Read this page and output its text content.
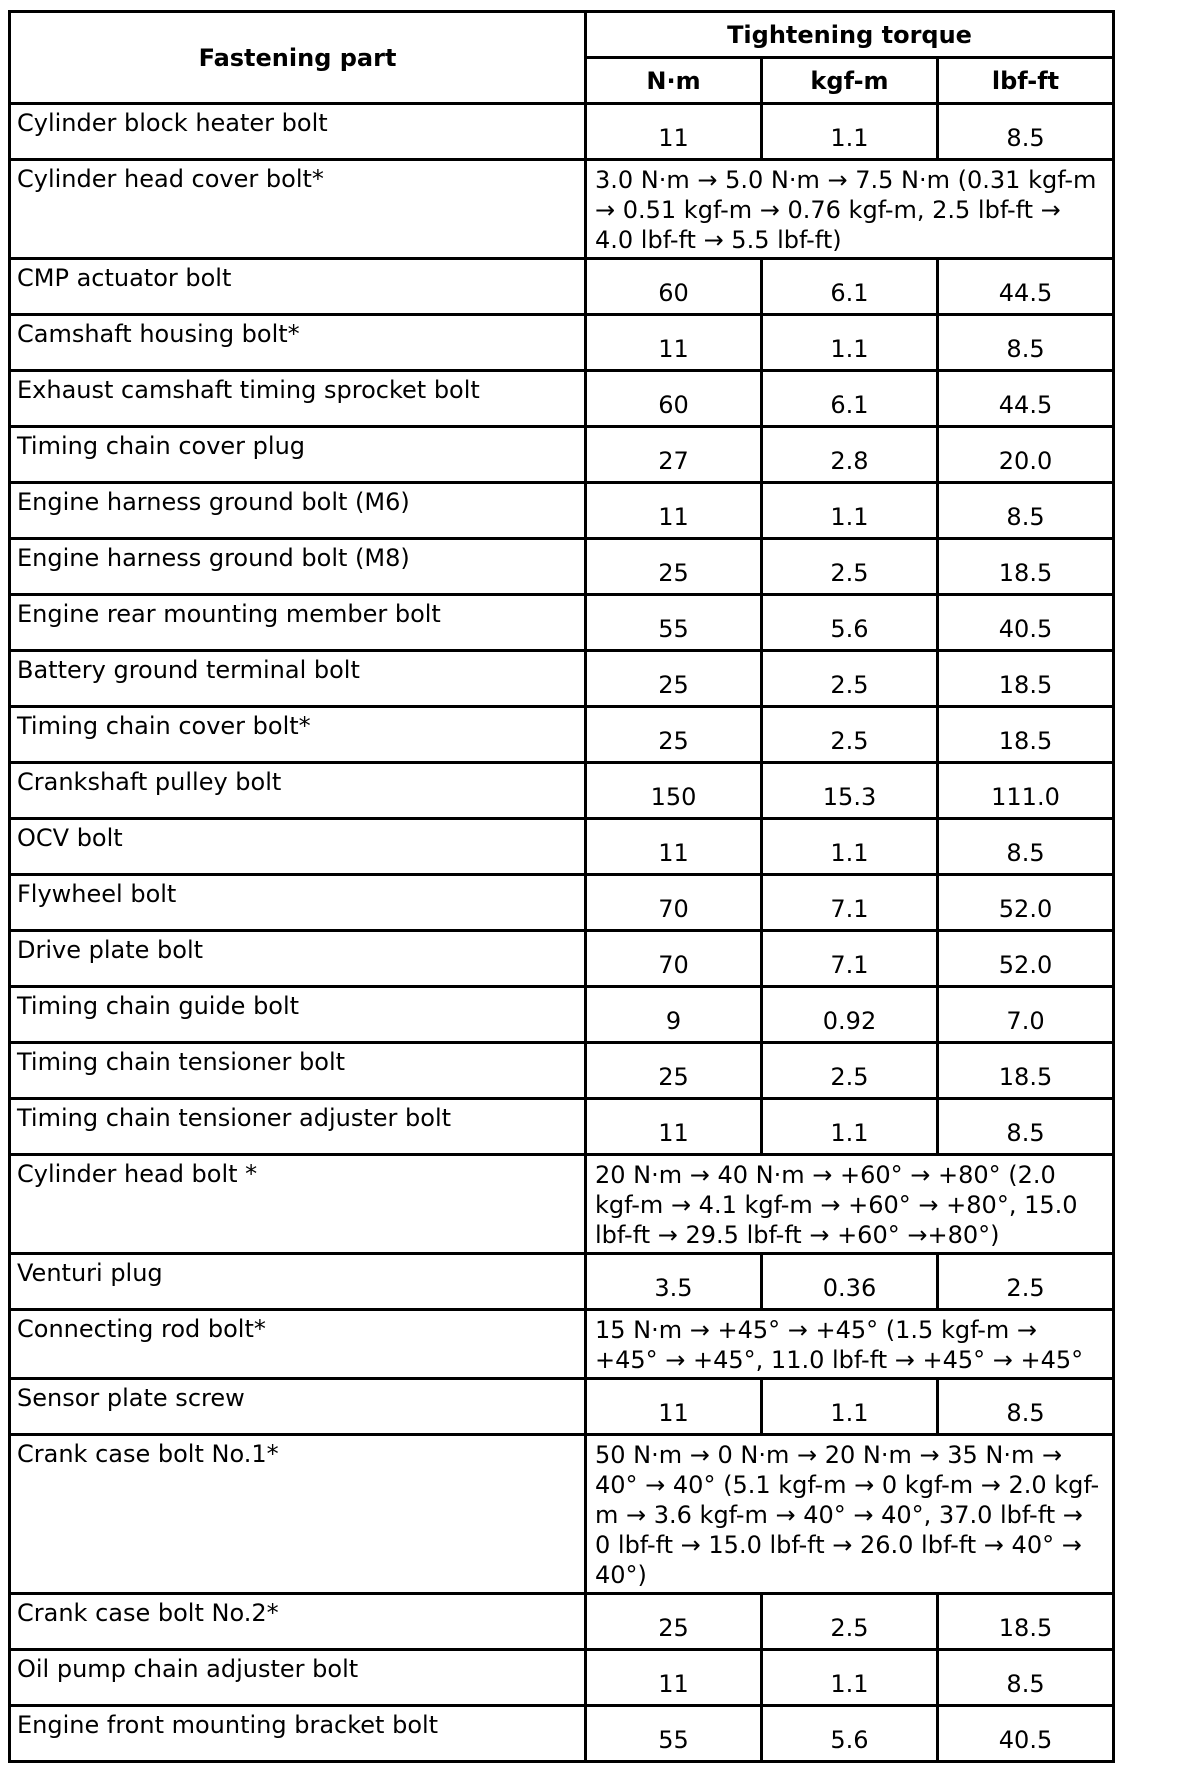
Fastening part	Tightening torque		
	N·m	kgf-m	lbf-ft
Cylinder block heater bolt	11	1.1	8.5
Cylinder head cover bolt*	3.0 N·m → 5.0 N·m → 7.5 N·m (0.31 kgf-m → 0.51 kgf-m → 0.76 kgf-m, 2.5 lbf-ft → 4.0 lbf-ft → 5.5 lbf-ft)		
CMP actuator bolt	60	6.1	44.5
Camshaft housing bolt*	11	1.1	8.5
Exhaust camshaft timing sprocket bolt	60	6.1	44.5
Timing chain cover plug	27	2.8	20.0
Engine harness ground bolt (M6)	11	1.1	8.5
Engine harness ground bolt (M8)	25	2.5	18.5
Engine rear mounting member bolt	55	5.6	40.5
Battery ground terminal bolt	25	2.5	18.5
Timing chain cover bolt*	25	2.5	18.5
Crankshaft pulley bolt	150	15.3	111.0
OCV bolt	11	1.1	8.5
Flywheel bolt	70	7.1	52.0
Drive plate bolt	70	7.1	52.0
Timing chain guide bolt	9	0.92	7.0
Timing chain tensioner bolt	25	2.5	18.5
Timing chain tensioner adjuster bolt	11	1.1	8.5
Cylinder head bolt *	20 N·m → 40 N·m → +60° → +80° (2.0 kgf-m → 4.1 kgf-m → +60° → +80°, 15.0 lbf-ft → 29.5 lbf-ft → +60° →+80°)		
Venturi plug	3.5	0.36	2.5
Connecting rod bolt*	15 N·m → +45° → +45° (1.5 kgf-m → +45° → +45°, 11.0 lbf-ft → +45° → +45°		
Sensor plate screw	11	1.1	8.5
Crank case bolt No.1*	50 N·m → 0 N·m → 20 N·m → 35 N·m → 40° → 40° (5.1 kgf-m → 0 kgf-m → 2.0 kgf-m → 3.6 kgf-m → 40° → 40°, 37.0 lbf-ft → 0 lbf-ft → 15.0 lbf-ft → 26.0 lbf-ft → 40° → 40°)		
Crank case bolt No.2*	25	2.5	18.5
Oil pump chain adjuster bolt	11	1.1	8.5
Engine front mounting bracket bolt	55	5.6	40.5
